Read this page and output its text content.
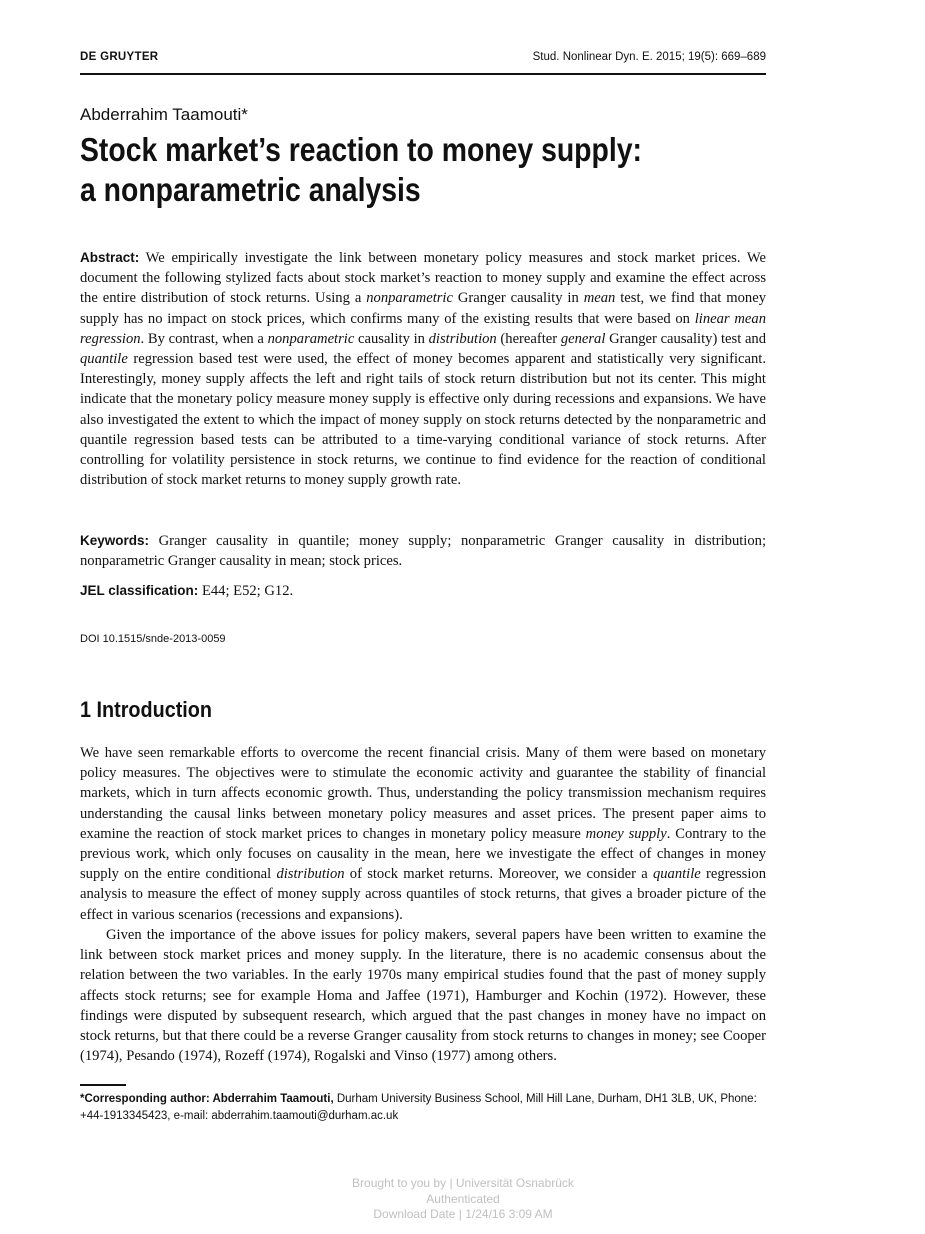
DE GRUYTER	Stud. Nonlinear Dyn. E. 2015; 19(5): 669–689
Abderrahim Taamouti*
Stock market’s reaction to money supply:
a nonparametric analysis
Abstract: We empirically investigate the link between monetary policy measures and stock market prices. We document the following stylized facts about stock market’s reaction to money supply and examine the effect across the entire distribution of stock returns. Using a nonparametric Granger causality in mean test, we find that money supply has no impact on stock prices, which confirms many of the existing results that were based on linear mean regression. By contrast, when a nonparametric causality in distribution (hereafter general Granger causality) test and quantile regression based test were used, the effect of money becomes apparent and statistically very significant. Interestingly, money supply affects the left and right tails of stock return distribution but not its center. This might indicate that the monetary policy measure money supply is effective only during recessions and expansions. We have also investigated the extent to which the impact of money supply on stock returns detected by the nonparametric and quantile regression based tests can be attributed to a time-varying conditional variance of stock returns. After controlling for volatility persistence in stock returns, we continue to find evidence for the reaction of conditional distribution of stock market returns to money supply growth rate.
Keywords: Granger causality in quantile; money supply; nonparametric Granger causality in distribution; nonparametric Granger causality in mean; stock prices.
JEL classification: E44; E52; G12.
DOI 10.1515/snde-2013-0059
1 Introduction
We have seen remarkable efforts to overcome the recent financial crisis. Many of them were based on monetary policy measures. The objectives were to stimulate the economic activity and guarantee the stability of financial markets, which in turn affects economic growth. Thus, understanding the policy transmission mechanism requires understanding the causal links between monetary policy measures and asset prices. The present paper aims to examine the reaction of stock market prices to changes in monetary policy measure money supply. Contrary to the previous work, which only focuses on causality in the mean, here we investigate the effect of changes in money supply on the entire conditional distribution of stock market returns. Moreover, we consider a quantile regression analysis to measure the effect of money supply across quantiles of stock returns, that gives a broader picture of the effect in various scenarios (recessions and expansions).
Given the importance of the above issues for policy makers, several papers have been written to examine the link between stock market prices and money supply. In the literature, there is no academic consensus about the relation between the two variables. In the early 1970s many empirical studies found that the past of money supply affects stock returns; see for example Homa and Jaffee (1971), Hamburger and Kochin (1972). However, these findings were disputed by subsequent research, which argued that the past changes in money have no impact on stock returns, but that there could be a reverse Granger causality from stock returns to changes in money; see Cooper (1974), Pesando (1974), Rozeff (1974), Rogalski and Vinso (1977) among others.
*Corresponding author: Abderrahim Taamouti, Durham University Business School, Mill Hill Lane, Durham, DH1 3LB, UK, Phone: +44-1913345423, e-mail: abderrahim.taamouti@durham.ac.uk
Brought to you by | Universität Osnabrück
Authenticated
Download Date | 1/24/16 3:09 AM
